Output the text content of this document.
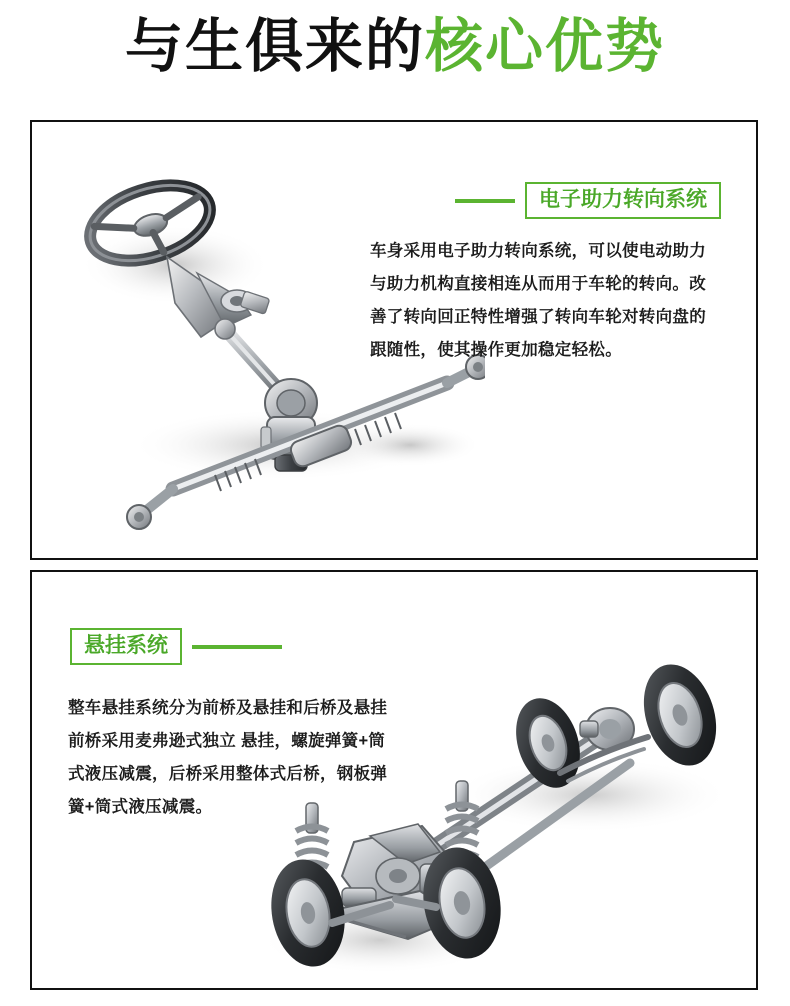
与生俱来的核心优势
电子助力转向系统

车身采用电子助力转向系统，可以使电动助力

与助力机构直接相连从而用于车轮的转向。改

善了转向回正特性增强了转向车轮对转向盘的

跟随性，使其操作更加稳定轻松。

悬挂系统

整车悬挂系统分为前桥及悬挂和后桥及悬挂

前桥采用麦弗逊式独立 悬挂，螺旋弹簧+筒

式液压减震，后桥采用整体式后桥，钢板弹

簧+筒式液压减震。
